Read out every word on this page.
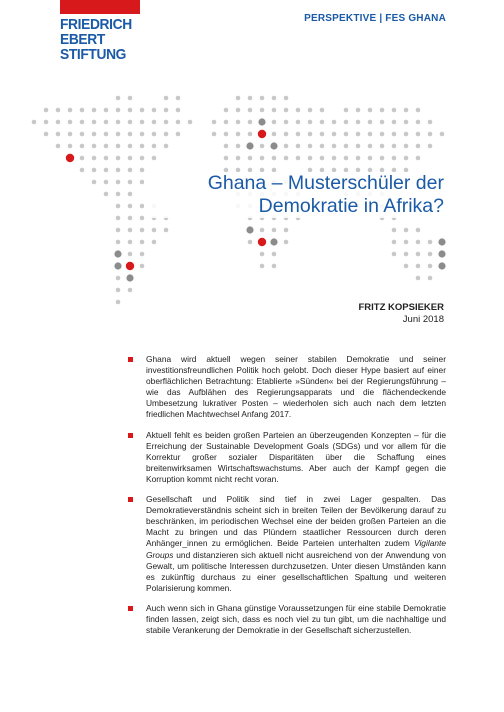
FRIEDRICH
EBERT
STIFTUNG
PERSPEKTIVE | FES GHANA
Ghana – Musterschüler der
Demokratie in Afrika?
FRITZ KOPSIEKER
Juni 2018
Ghana wird aktuell wegen seiner stabilen Demokratie und seiner investitionsfreundlichen Politik hoch gelobt. Doch dieser Hype basiert auf einer oberflächlichen Betrachtung: Etablierte »Sünden« bei der Regierungsführung – wie das Aufblähen des Regierungsapparats und die flächendeckende Umbesetzung lukrativer Posten – wiederholen sich auch nach dem letzten friedlichen Machtwechsel Anfang 2017.
Aktuell fehlt es beiden großen Parteien an überzeugenden Konzepten – für die Erreichung der Sustainable Development Goals (SDGs) und vor allem für die Korrektur großer sozialer Disparitäten über die Schaffung eines breitenwirksamen Wirtschaftswachstums. Aber auch der Kampf gegen die Korruption kommt nicht recht voran.
Gesellschaft und Politik sind tief in zwei Lager gespalten. Das Demokratieverständnis scheint sich in breiten Teilen der Bevölkerung darauf zu beschränken, im periodischen Wechsel eine der beiden großen Parteien an die Macht zu bringen und das Plündern staatlicher Ressourcen durch deren Anhänger_innen zu ermöglichen. Beide Parteien unterhalten zudem Vigilante Groups und distanzieren sich aktuell nicht ausreichend von der Anwendung von Gewalt, um politische Interessen durchzusetzen. Unter diesen Umständen kann es zukünftig durchaus zu einer gesellschaftlichen Spaltung und weiteren Polarisierung kommen.
Auch wenn sich in Ghana günstige Voraussetzungen für eine stabile Demokratie finden lassen, zeigt sich, dass es noch viel zu tun gibt, um die nachhaltige und stabile Verankerung der Demokratie in der Gesellschaft sicherzustellen.
